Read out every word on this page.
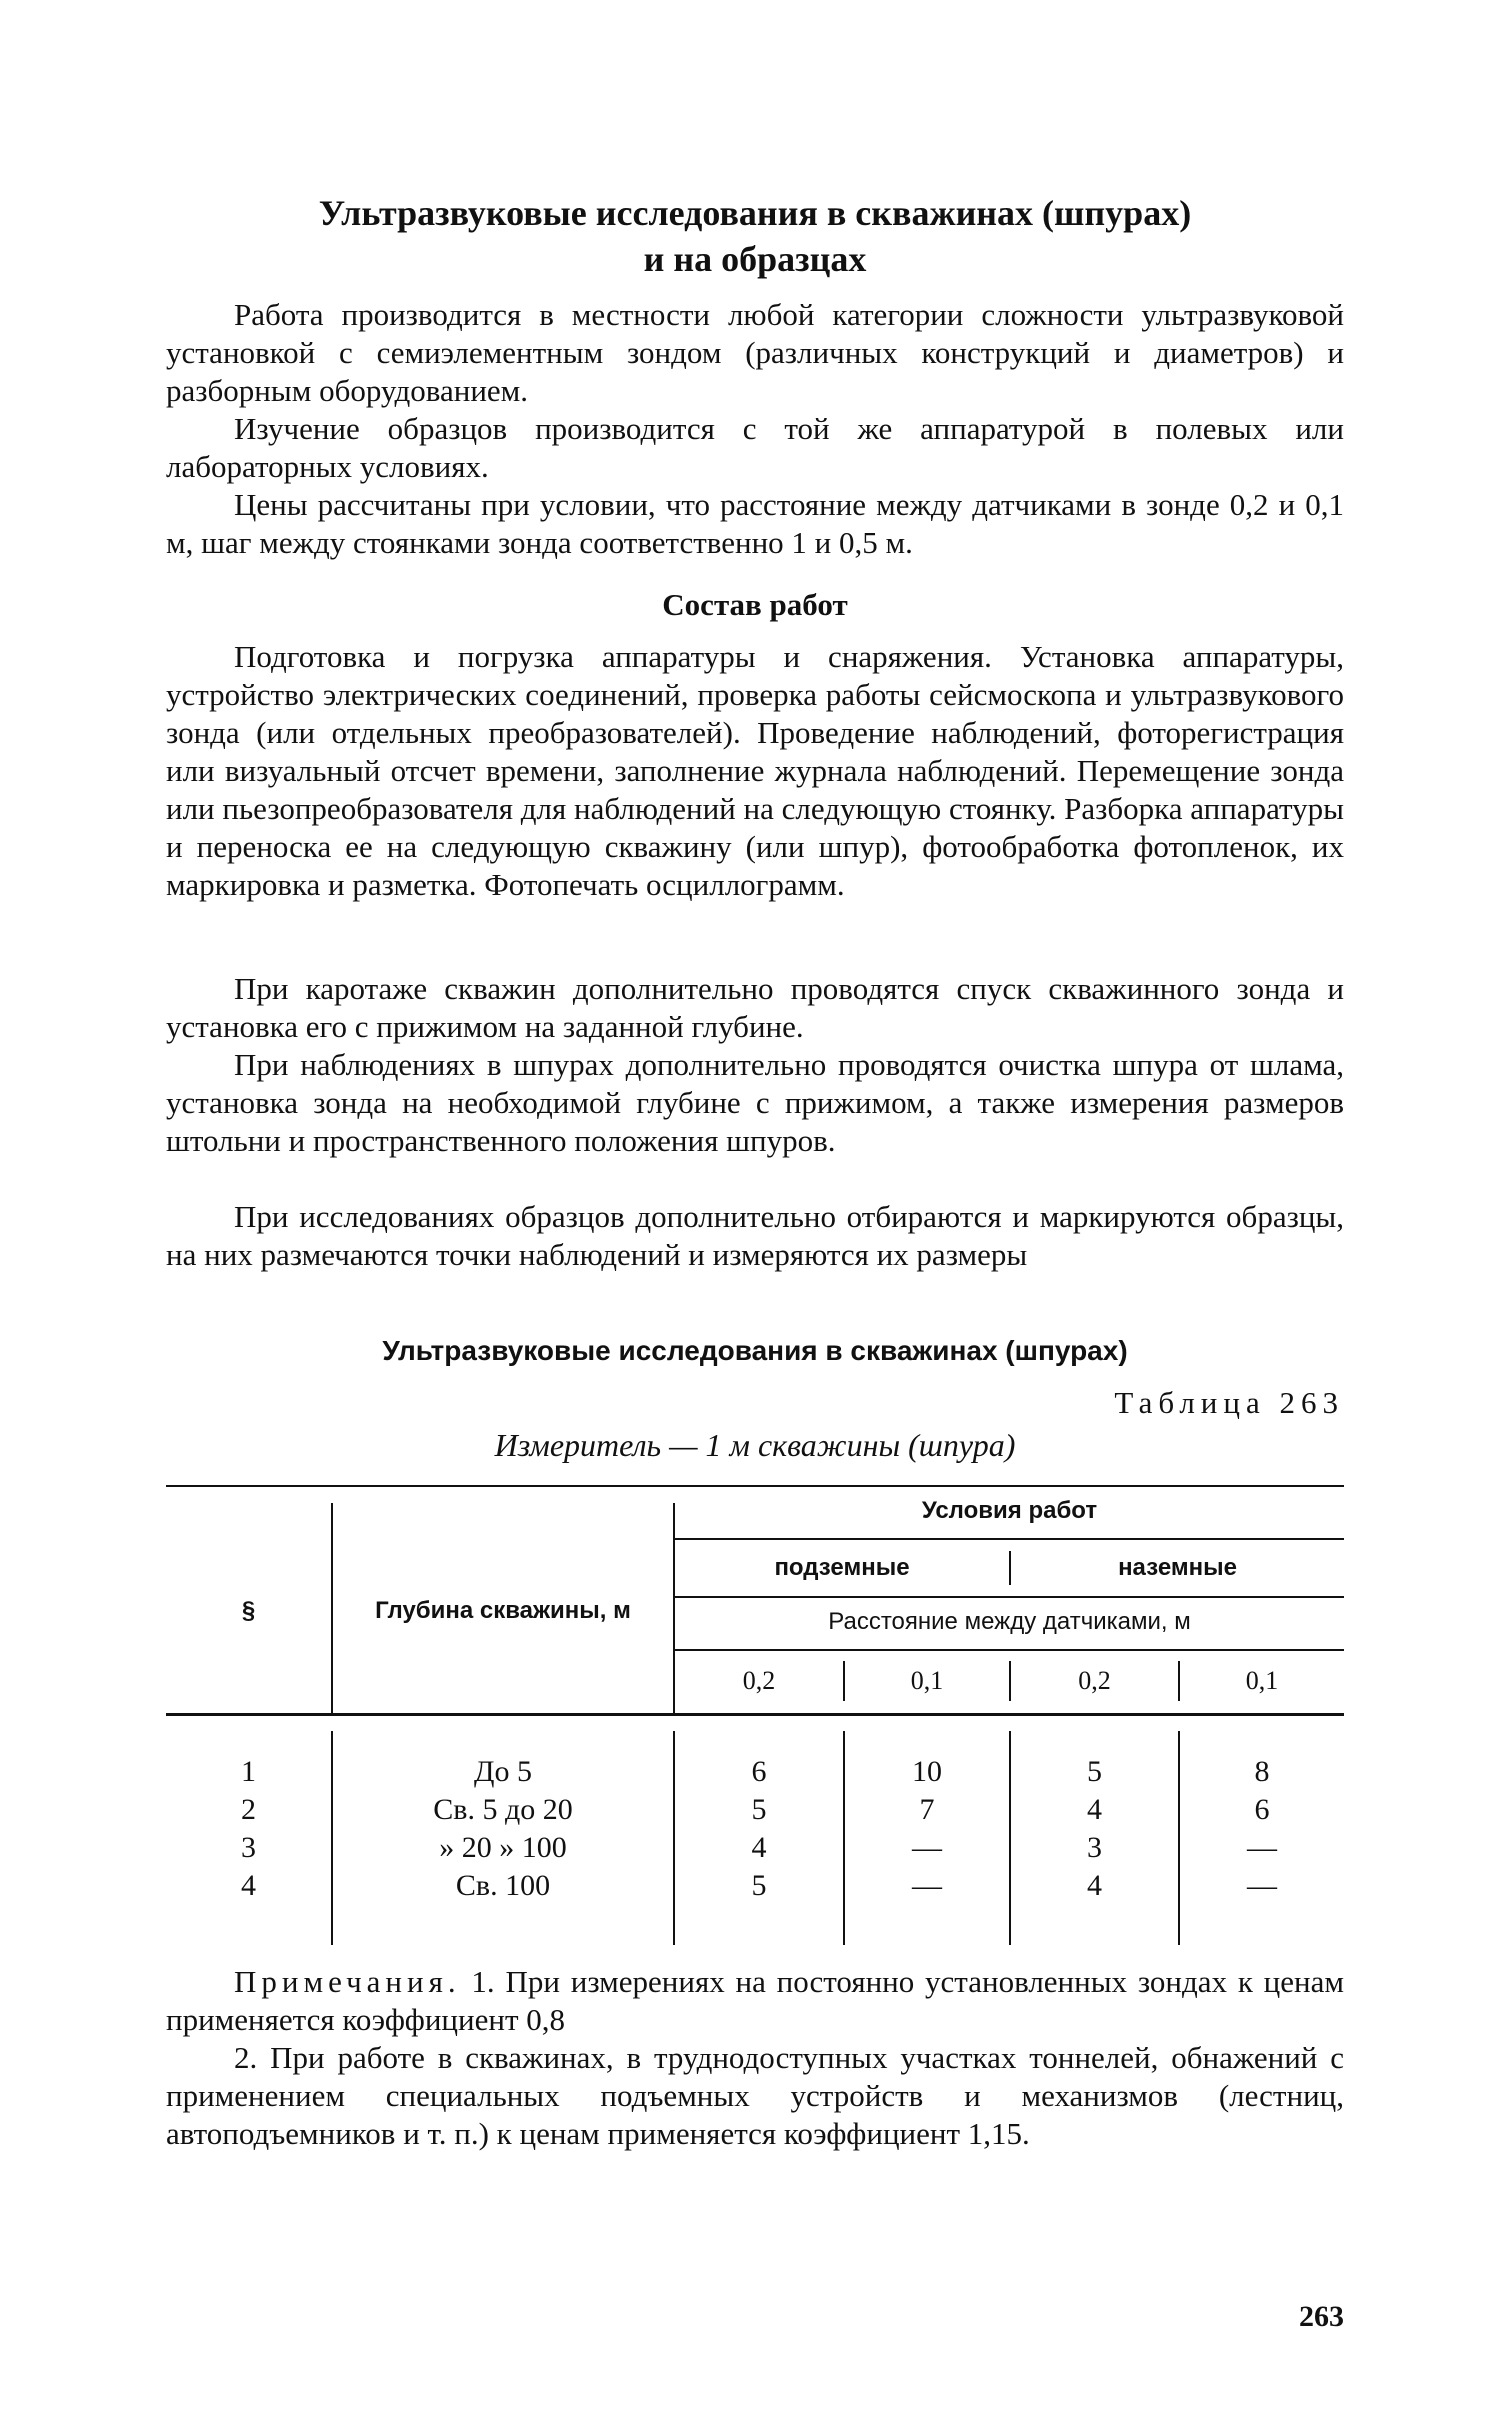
Ультразвуковые исследования в скважинах (шпурах)
и на образцах
Работа производится в местности любой категории сложности ультразвуковой установкой с семиэлементным зондом (различных конструкций и диаметров) и разборным оборудованием.
Изучение образцов производится с той же аппаратурой в полевых или лабораторных условиях.
Цены рассчитаны при условии, что расстояние между датчиками в зонде 0,2 и 0,1 м, шаг между стоянками зонда соответственно 1 и 0,5 м.
Состав работ
Подготовка и погрузка аппаратуры и снаряжения. Установка аппаратуры, устройство электрических соединений, проверка работы сейсмоскопа и ультразвукового зонда (или отдельных преобразователей). Проведение наблюдений, фоторегистрация или визуальный отсчет времени, заполнение журнала наблюдений. Перемещение зонда или пьезопреобразователя для наблюдений на следующую стоянку. Разборка аппаратуры и переноска ее на следующую скважину (или шпур), фотообработка фотопленок, их маркировка и разметка. Фотопечать осциллограмм.
При каротаже скважин дополнительно проводятся спуск скважинного зонда и установка его с прижимом на заданной глубине.
При наблюдениях в шпурах дополнительно проводятся очистка шпура от шлама, установка зонда на необходимой глубине с прижимом, а также измерения размеров штольни и пространственного положения шпуров.
При исследованиях образцов дополнительно отбираются и маркируются образцы, на них размечаются точки наблюдений и измеряются их размеры
Ультразвуковые исследования в скважинах (шпурах)
Таблица 263
Измеритель — 1 м скважины (шпура)
§	Глубина скважины, м
Условия работ
подземные	наземные
Расстояние между датчиками, м
0,2	0,1	0,2	0,1
1	До 5	6	10	5	8
2	Св. 5 до 20	5	7	4	6
3	» 20 » 100	4	—	3	—
4	Св. 100	5	—	4	—
Примечания. 1. При измерениях на постоянно установленных зондах к ценам применяется коэффициент 0,8
2. При работе в скважинах, в труднодоступных участках тоннелей, обнажений с применением специальных подъемных устройств и механизмов (лестниц, автоподъемников и т. п.) к ценам применяется коэффициент 1,15.
263
